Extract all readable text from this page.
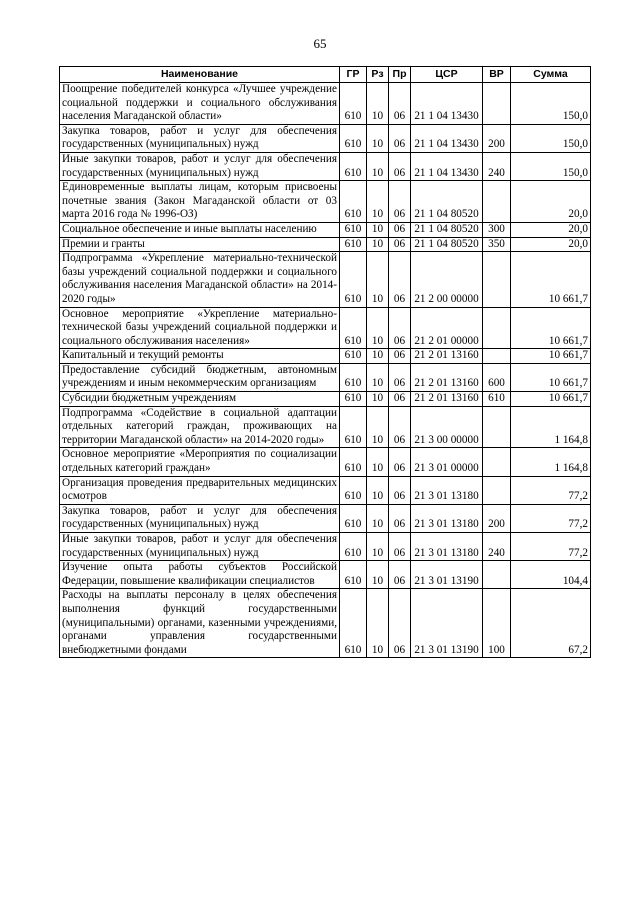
65
Наименование	ГР	Рз	Пр	ЦСР	ВР	Сумма
Поощрение победителей конкурса «Лучшее учреждение социальной поддержки и социального обслуживания населения Магаданской области»	610	10	06	21 1 04 13430		150,0
Закупка товаров, работ и услуг для обеспечения государственных (муниципальных) нужд	610	10	06	21 1 04 13430	200	150,0
Иные закупки товаров, работ и услуг для обеспечения государственных (муниципальных) нужд	610	10	06	21 1 04 13430	240	150,0
Единовременные выплаты лицам, которым присвоены почетные звания (Закон Магаданской области от 03 марта 2016 года № 1996-ОЗ)	610	10	06	21 1 04 80520		20,0
Социальное обеспечение и иные выплаты населению	610	10	06	21 1 04 80520	300	20,0
Премии и гранты	610	10	06	21 1 04 80520	350	20,0
Подпрограмма «Укрепление материально-технической базы учреждений социальной поддержки и социального обслуживания населения Магаданской области» на 2014-2020 годы»	610	10	06	21 2 00 00000		10 661,7
Основное мероприятие «Укрепление материально-технической базы учреждений социальной поддержки и социального обслуживания населения»	610	10	06	21 2 01 00000		10 661,7
Капитальный и текущий ремонты	610	10	06	21 2 01 13160		10 661,7
Предоставление субсидий бюджетным, автономным учреждениям и иным некоммерческим организациям	610	10	06	21 2 01 13160	600	10 661,7
Субсидии бюджетным учреждениям	610	10	06	21 2 01 13160	610	10 661,7
Подпрограмма «Содействие в социальной адаптации отдельных категорий граждан, проживающих на территории Магаданской области» на 2014-2020 годы»	610	10	06	21 3 00 00000		1 164,8
Основное мероприятие «Мероприятия по социализации отдельных категорий граждан»	610	10	06	21 3 01 00000		1 164,8
Организация проведения предварительных медицинских осмотров	610	10	06	21 3 01 13180		77,2
Закупка товаров, работ и услуг для обеспечения государственных (муниципальных) нужд	610	10	06	21 3 01 13180	200	77,2
Иные закупки товаров, работ и услуг для обеспечения государственных (муниципальных) нужд	610	10	06	21 3 01 13180	240	77,2
Изучение опыта работы субъектов Российской Федерации, повышение квалификации специалистов	610	10	06	21 3 01 13190		104,4
Расходы на выплаты персоналу в целях обеспечения выполнения функций государственными (муниципальными) органами, казенными учреждениями, органами управления государственными внебюджетными фондами	610	10	06	21 3 01 13190	100	67,2
